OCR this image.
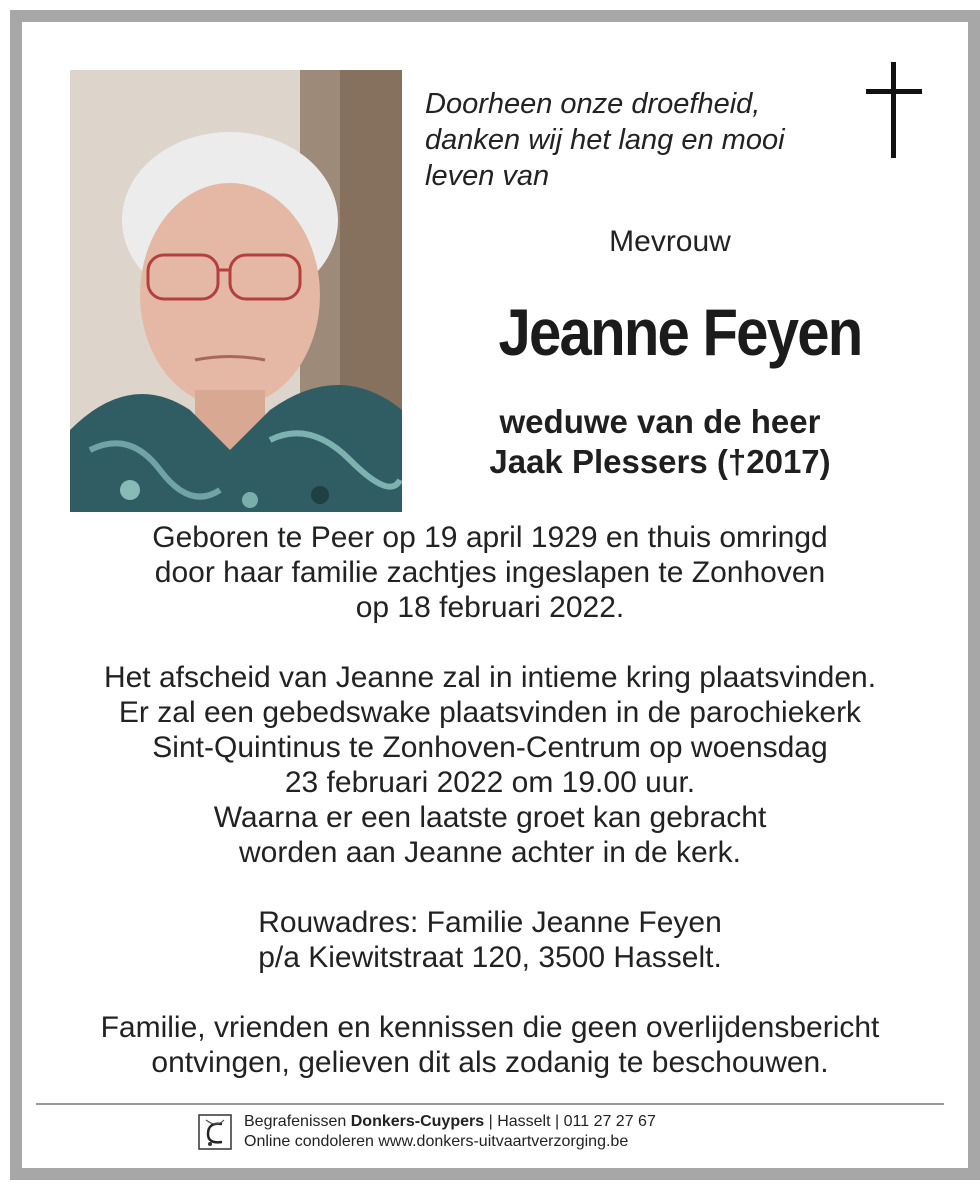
Doorheen onze droefheid,
danken wij het lang en mooi
leven van
Mevrouw
Jeanne Feyen
weduwe van de heer
Jaak Plessers (†2017)

Geboren te Peer op 19 april 1929 en thuis omringd

door haar familie zachtjes ingeslapen te Zonhoven

op 18 februari 2022.

Het afscheid van Jeanne zal in intieme kring plaatsvinden.

Er zal een gebedswake plaatsvinden in de parochiekerk

Sint-Quintinus te Zonhoven-Centrum op woensdag

23 februari 2022 om 19.00 uur.

Waarna er een laatste groet kan gebracht

worden aan Jeanne achter in de kerk.

Rouwadres: Familie Jeanne Feyen

p/a Kiewitstraat 120, 3500 Hasselt.

Familie, vrienden en kennissen die geen overlijdensbericht

ontvingen, gelieven dit als zodanig te beschouwen.

Begrafenissen Donkers-Cuypers | Hasselt | 011 27 27 67
Online condoleren www.donkers-uitvaartverzorging.be
